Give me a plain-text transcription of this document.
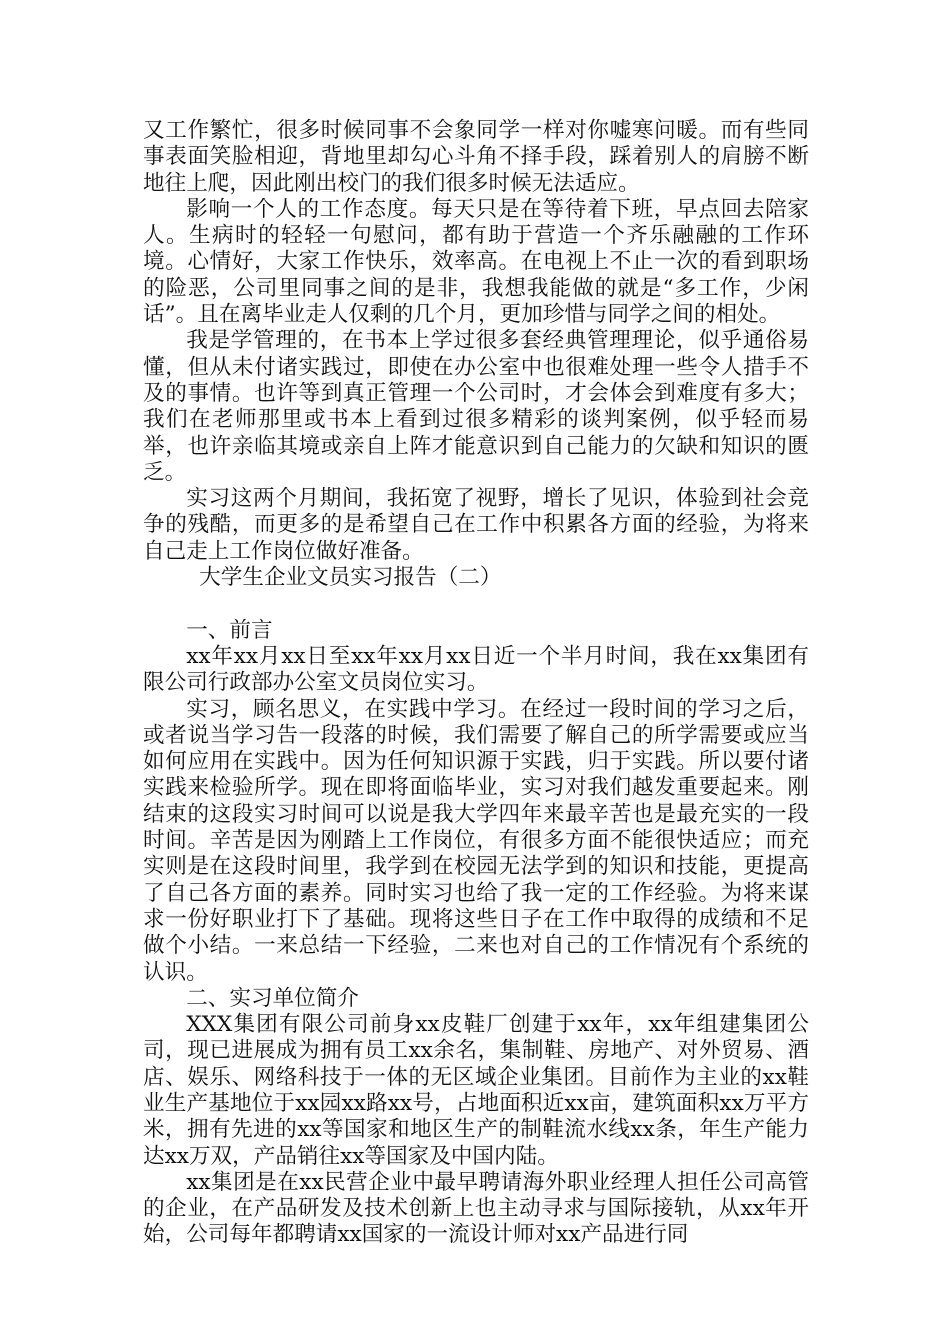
又工作繁忙，很多时候同事不会象同学一样对你嘘寒问暖。而有些同事表面笑脸相迎，背地里却勾心斗角不择手段，踩着别人的肩膀不断地往上爬，因此刚出校门的我们很多时候无法适应。

影响一个人的工作态度。每天只是在等待着下班，早点回去陪家人。生病时的轻轻一句慰问，都有助于营造一个齐乐融融的工作环境。心情好，大家工作快乐，效率高。在电视上不止一次的看到职场的险恶，公司里同事之间的是非，我想我能做的就是“多工作，少闲话”。且在离毕业走人仅剩的几个月，更加珍惜与同学之间的相处。

我是学管理的，在书本上学过很多套经典管理理论，似乎通俗易懂，但从未付诸实践过，即使在办公室中也很难处理一些令人措手不及的事情。也许等到真正管理一个公司时，才会体会到难度有多大；我们在老师那里或书本上看到过很多精彩的谈判案例，似乎轻而易举，也许亲临其境或亲自上阵才能意识到自己能力的欠缺和知识的匮乏。

实习这两个月期间，我拓宽了视野，增长了见识，体验到社会竞争的残酷，而更多的是希望自己在工作中积累各方面的经验，为将来自己走上工作岗位做好准备。

大学生企业文员实习报告（二）

一、前言

xx年xx月xx日至xx年xx月xx日近一个半月时间，我在xx集团有限公司行政部办公室文员岗位实习。

实习，顾名思义，在实践中学习。在经过一段时间的学习之后，或者说当学习告一段落的时候，我们需要了解自己的所学需要或应当如何应用在实践中。因为任何知识源于实践，归于实践。所以要付诸实践来检验所学。现在即将面临毕业，实习对我们越发重要起来。刚结束的这段实习时间可以说是我大学四年来最辛苦也是最充实的一段时间。辛苦是因为刚踏上工作岗位，有很多方面不能很快适应；而充实则是在这段时间里，我学到在校园无法学到的知识和技能，更提高了自己各方面的素养。同时实习也给了我一定的工作经验。为将来谋求一份好职业打下了基础。现将这些日子在工作中取得的成绩和不足做个小结。一来总结一下经验，二来也对自己的工作情况有个系统的认识。

二、实习单位简介

XXX集团有限公司前身xx皮鞋厂创建于xx年，xx年组建集团公司，现已进展成为拥有员工xx余名，集制鞋、房地产、对外贸易、酒店、娱乐、网络科技于一体的无区域企业集团。目前作为主业的xx鞋业生产基地位于xx园xx路xx号，占地面积近xx亩，建筑面积xx万平方米，拥有先进的xx等国家和地区生产的制鞋流水线xx条，年生产能力达xx万双，产品销往xx等国家及中国内陆。

xx集团是在xx民营企业中最早聘请海外职业经理人担任公司高管的企业，在产品研发及技术创新上也主动寻求与国际接轨，从xx年开始，公司每年都聘请xx国家的一流设计师对xx产品进行同
